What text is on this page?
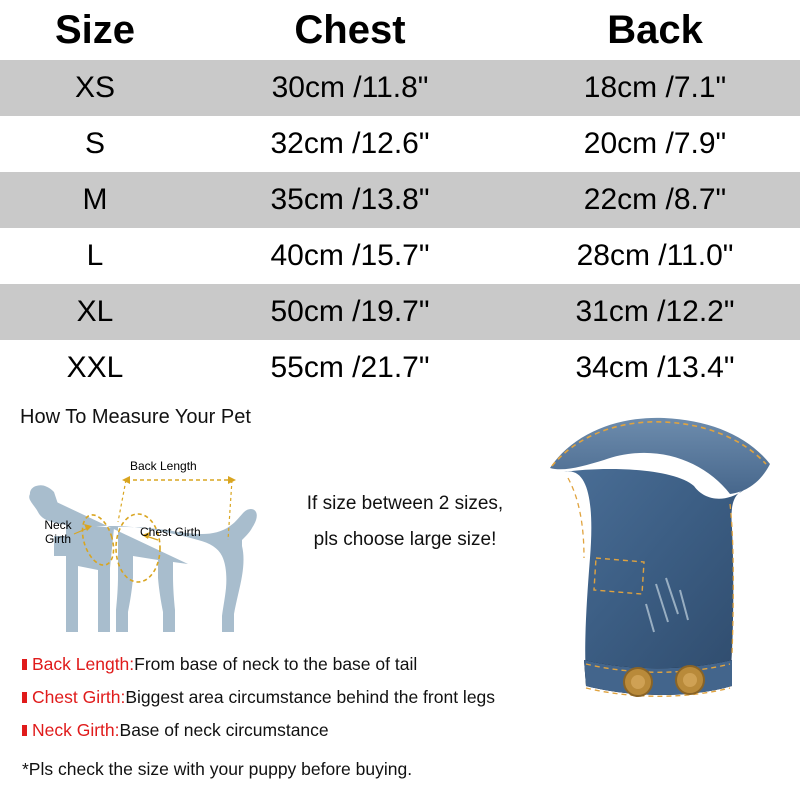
Size	Chest	Back
XS	30cm /11.8"	18cm /7.1"
S	32cm /12.6"	20cm /7.9"
M	35cm /13.8"	22cm /8.7"
L	40cm /15.7"	28cm /11.0"
XL	50cm /19.7"	31cm /12.2"
XXL	55cm /21.7"	34cm /13.4"
How To Measure Your Pet
Back Length
Neck
Girth	Chest Girth
If size between 2 sizes,
pls choose large size!
Back Length:From base of neck to the base of tail
Chest Girth:Biggest area circumstance behind the front legs
Neck Girth:Base of neck circumstance
*Pls check the size with your puppy before buying.
